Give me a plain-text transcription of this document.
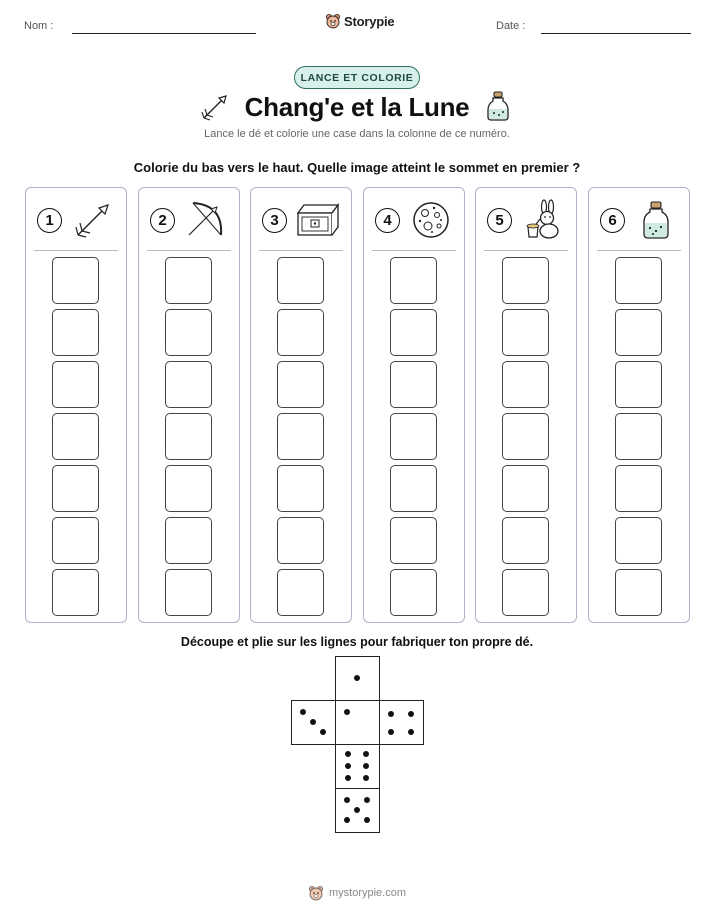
Nom :	Storypie	Date :
LANCE ET COLORIE
Chang'e et la Lune
Lance le dé et colorie une case dans la colonne de ce numéro.
Colorie du bas vers le haut. Quelle image atteint le sommet en premier ?
1	2	3	4	5	6
Découpe et plie sur les lignes pour fabriquer ton propre dé.
mystorypie.com
